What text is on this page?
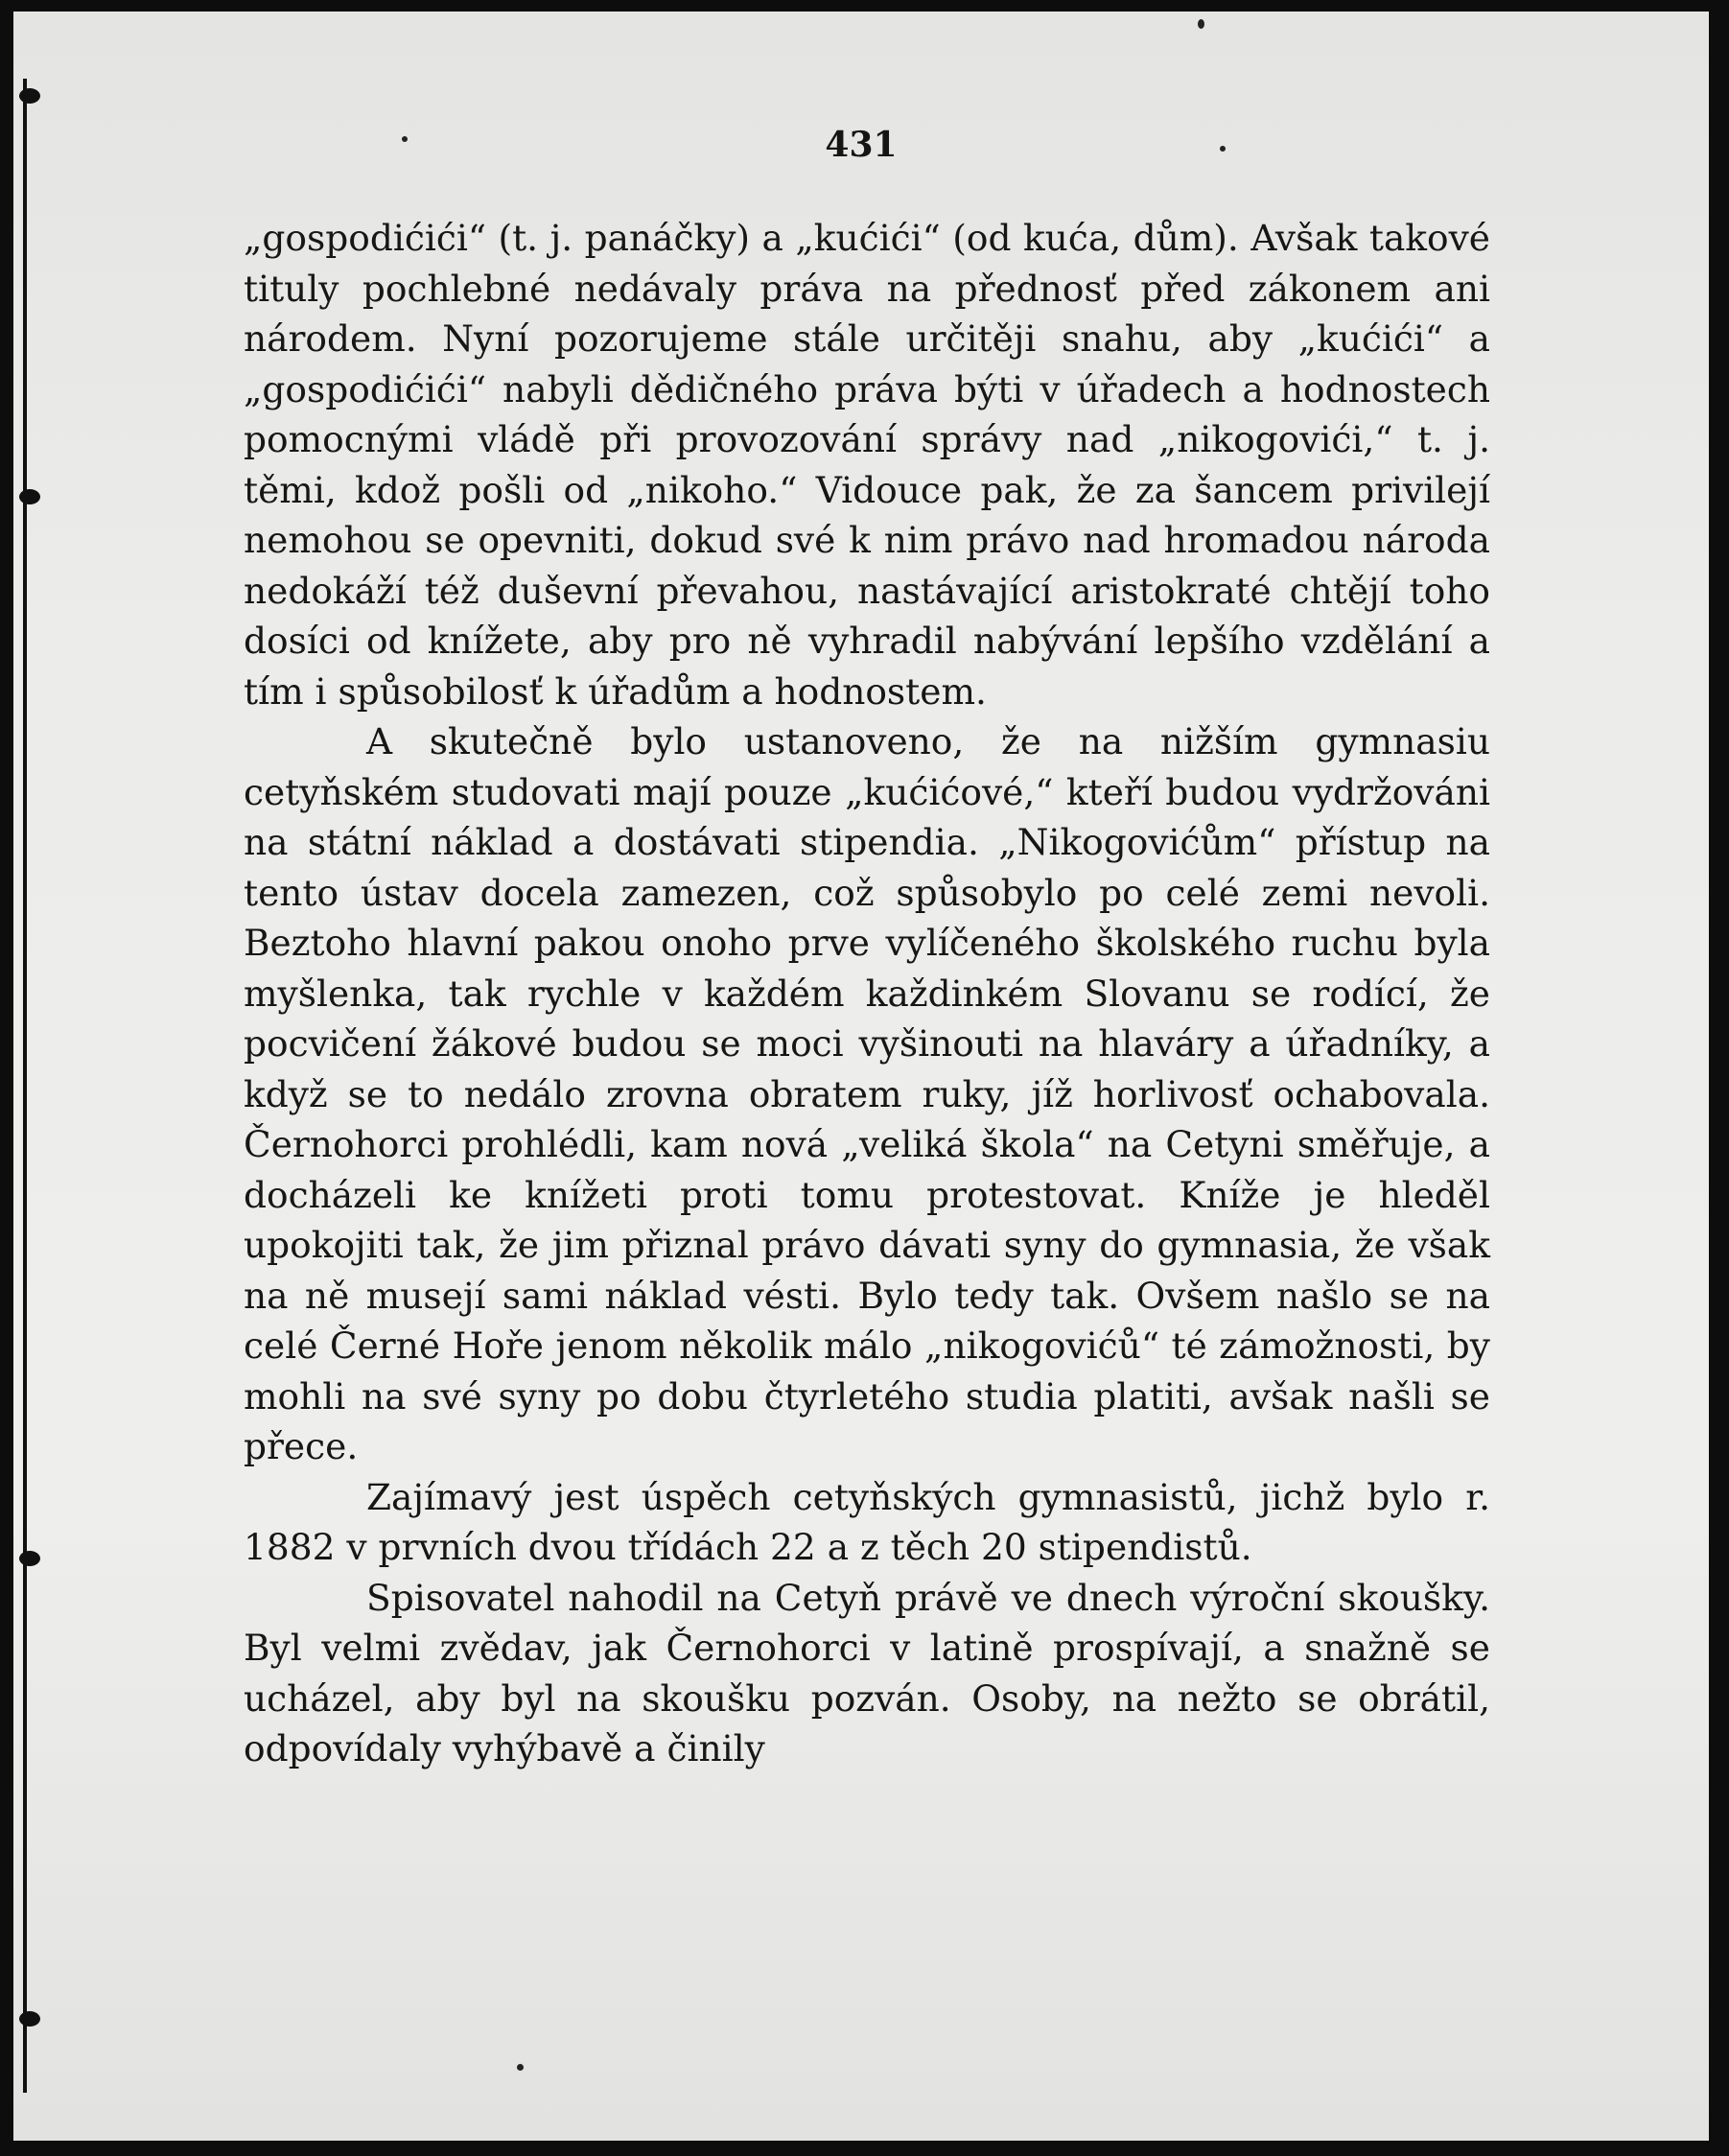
431

„gospodićići“ (t. j. panáčky) a „kućići“ (od kuća, dům). Avšak takové tituly pochlebné nedávaly práva na přednosť před zákonem ani národem. Nyní pozorujeme stále určitěji snahu, aby „kućići“ a „gospodićići“ nabyli dědičného práva býti v úřadech a hodnostech pomocnými vládě při provozování správy nad „nikogovići,“ t. j. těmi, kdož pošli od „nikoho.“ Vidouce pak, že za šancem privilejí nemohou se opevniti, dokud své k nim právo nad hromadou národa nedokáží též duševní převahou, nastávající aristokraté chtějí toho dosíci od knížete, aby pro ně vyhradil nabývání lepšího vzdělání a tím i spůsobilosť k úřadům a hodnostem.

A skutečně bylo ustanoveno, že na nižším gymnasiu cetyňském studovati mají pouze „kućićové,“ kteří budou vydržováni na státní náklad a dostávati stipendia. „Nikogovićům“ přístup na tento ústav docela zamezen, což spůsobylo po celé zemi nevoli. Beztoho hlavní pakou onoho prve vylíčeného školského ruchu byla myšlenka, tak rychle v každém každinkém Slovanu se rodící, že pocvičení žákové budou se moci vyšinouti na hlaváry a úřadníky, a když se to nedálo zrovna obratem ruky, jíž horlivosť ochabovala. Černohorci prohlédli, kam nová „veliká škola“ na Cetyni směřuje, a docházeli ke knížeti proti tomu protestovat. Kníže je hleděl upokojiti tak, že jim přiznal právo dávati syny do gymnasia, že však na ně musejí sami náklad vésti. Bylo tedy tak. Ovšem našlo se na celé Černé Hoře jenom několik málo „nikogovićů“ té zámožnosti, by mohli na své syny po dobu čtyrletého studia platiti, avšak našli se přece.

Zajímavý jest úspěch cetyňských gymnasistů, jichž bylo r. 1882 v prvních dvou třídách 22 a z těch 20 stipendistů.

Spisovatel nahodil na Cetyň právě ve dnech výroční skoušky. Byl velmi zvědav, jak Černohorci v latině prospívají, a snažně se ucházel, aby byl na skoušku pozván. Osoby, na nežto se obrátil, odpovídaly vyhýbavě a činily
